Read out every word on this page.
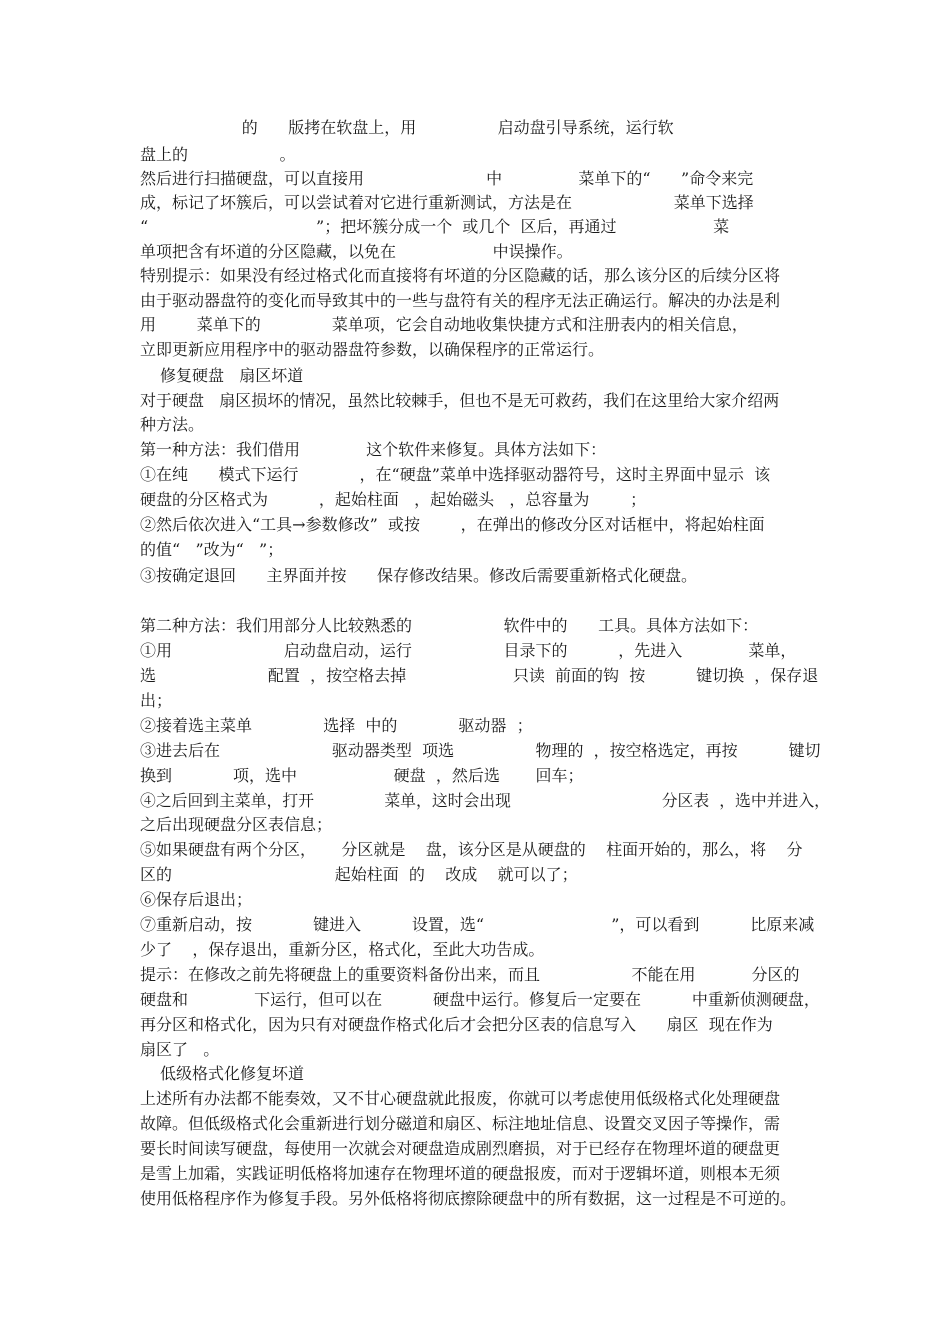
的      版拷在软盘上，用                启动盘引导系统，运行软
盘上的                  。
然后进行扫描硬盘，可以直接用                        中               菜单下的“      ”命令来完
成，标记了坏簇后，可以尝试着对它进行重新测试，方法是在                    菜单下选择
“                                 ”；把坏簇分成一个  或几个  区后，再通过                   菜
单项把含有坏道的分区隐藏，以免在                   中误操作。
特别提示：如果没有经过格式化而直接将有坏道的分区隐藏的话，那么该分区的后续分区将
由于驱动器盘符的变化而导致其中的一些与盘符有关的程序无法正确运行。解决的办法是利
用        菜单下的              菜单项，它会自动地收集快捷方式和注册表内的相关信息，
立即更新应用程序中的驱动器盘符参数，以确保程序的正常运行。
修复硬盘   扇区坏道
对于硬盘   扇区损坏的情况，虽然比较棘手，但也不是无可救药，我们在这里给大家介绍两
种方法。
第一种方法：我们借用             这个软件来修复。具体方法如下：
①在纯      模式下运行            ，在“硬盘”菜单中选择驱动器符号，这时主界面中显示  该
硬盘的分区格式为          ，起始柱面   ，起始磁头   ，总容量为        ；
②然后依次进入“工具→参数修改”  或按        ，在弹出的修改分区对话框中，将起始柱面
的值“   ”改为“   ”；
③按确定退回      主界面并按      保存修改结果。修改后需要重新格式化硬盘。
第二种方法：我们用部分人比较熟悉的                  软件中的      工具。具体方法如下：
①用                      启动盘启动，运行                  目录下的          ，先进入             菜单，
选                      配置  ，按空格去掉                     只读  前面的钩  按          键切换  ，保存退
出；
②接着选主菜单              选择  中的            驱动器  ；
③进去后在                      驱动器类型  项选                物理的  ，按空格选定，再按          键切
换到            项，选中                   硬盘  ，然后选       回车；
④之后回到主菜单，打开              菜单，这时会出现                              分区表  ，选中并进入，
之后出现硬盘分区表信息；
⑤如果硬盘有两个分区，     分区就是    盘，该分区是从硬盘的    柱面开始的，那么，将    分
区的                                起始柱面  的    改成    就可以了；
⑥保存后退出；
⑦重新启动，按            键进入          设置，选“                         ”，可以看到          比原来减
少了    ，保存退出，重新分区，格式化，至此大功告成。
提示：在修改之前先将硬盘上的重要资料备份出来，而且                  不能在用           分区的
硬盘和             下运行，但可以在          硬盘中运行。修复后一定要在          中重新侦测硬盘，
再分区和格式化，因为只有对硬盘作格式化后才会把分区表的信息写入      扇区  现在作为
扇区了   。
低级格式化修复坏道
上述所有办法都不能奏效，又不甘心硬盘就此报废，你就可以考虑使用低级格式化处理硬盘
故障。但低级格式化会重新进行划分磁道和扇区、标注地址信息、设置交叉因子等操作，需
要长时间读写硬盘，每使用一次就会对硬盘造成剧烈磨损，对于已经存在物理坏道的硬盘更
是雪上加霜，实践证明低格将加速存在物理坏道的硬盘报废，而对于逻辑坏道，则根本无须
使用低格程序作为修复手段。另外低格将彻底擦除硬盘中的所有数据，这一过程是不可逆的。
